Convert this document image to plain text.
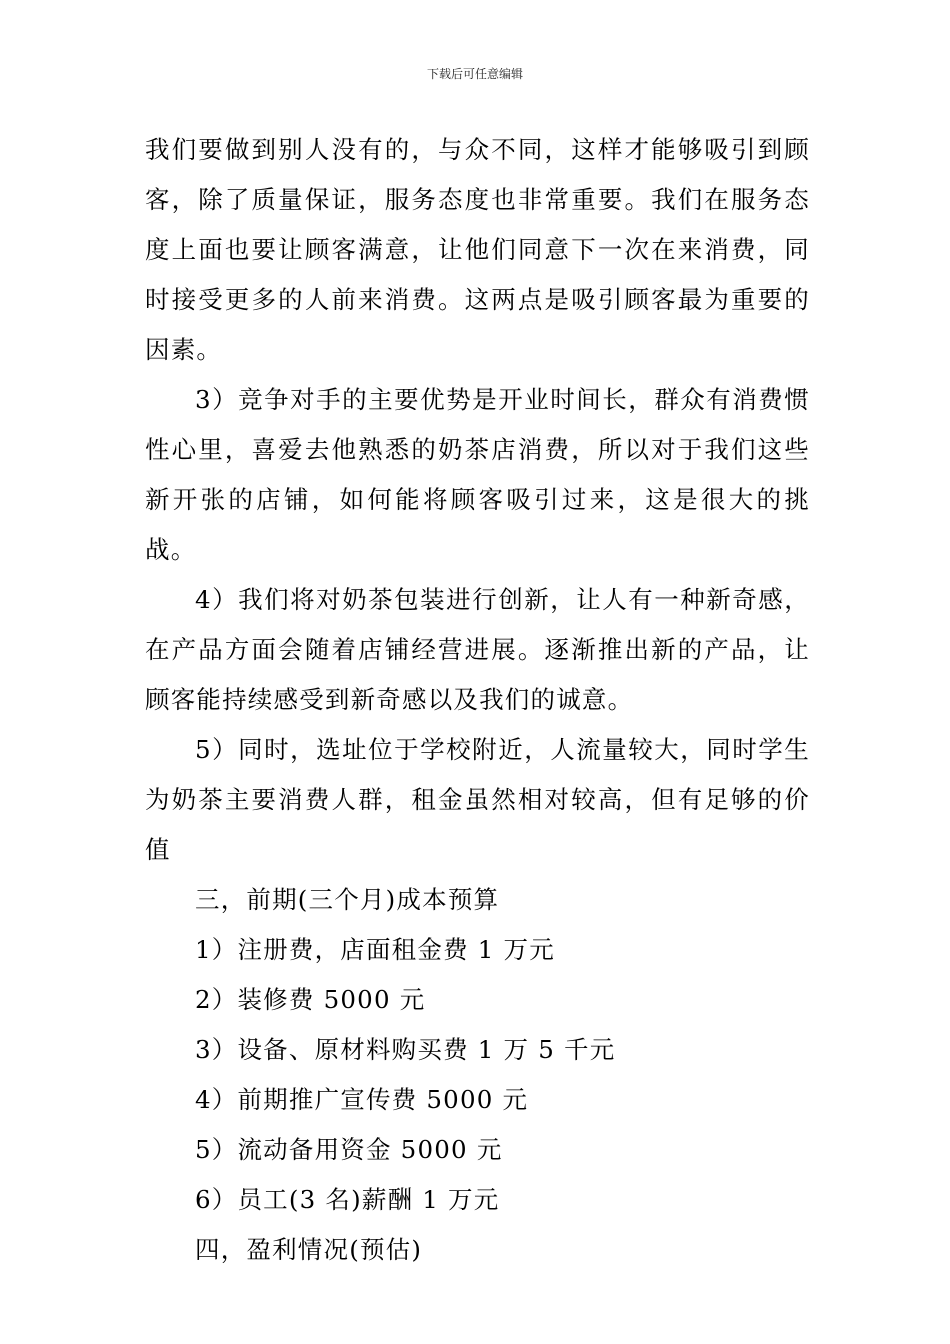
下载后可任意编辑

我们要做到别人没有的，与众不同，这样才能够吸引到顾客，除了质量保证，服务态度也非常重要。我们在服务态度上面也要让顾客满意，让他们同意下一次在来消费，同时接受更多的人前来消费。这两点是吸引顾客最为重要的因素。

3）竞争对手的主要优势是开业时间长，群众有消费惯性心里，喜爱去他熟悉的奶茶店消费，所以对于我们这些新开张的店铺，如何能将顾客吸引过来，这是很大的挑战。

4）我们将对奶茶包装进行创新，让人有一种新奇感，在产品方面会随着店铺经营进展。逐渐推出新的产品，让顾客能持续感受到新奇感以及我们的诚意。

5）同时，选址位于学校附近，人流量较大，同时学生为奶茶主要消费人群，租金虽然相对较高，但有足够的价值

三，前期(三个月)成本预算

1）注册费，店面租金费 1 万元

2）装修费 5000 元

3）设备、原材料购买费 1 万 5 千元

4）前期推广宣传费 5000 元

5）流动备用资金 5000 元

6）员工(3 名)薪酬 1 万元

四，盈利情况(预估)
